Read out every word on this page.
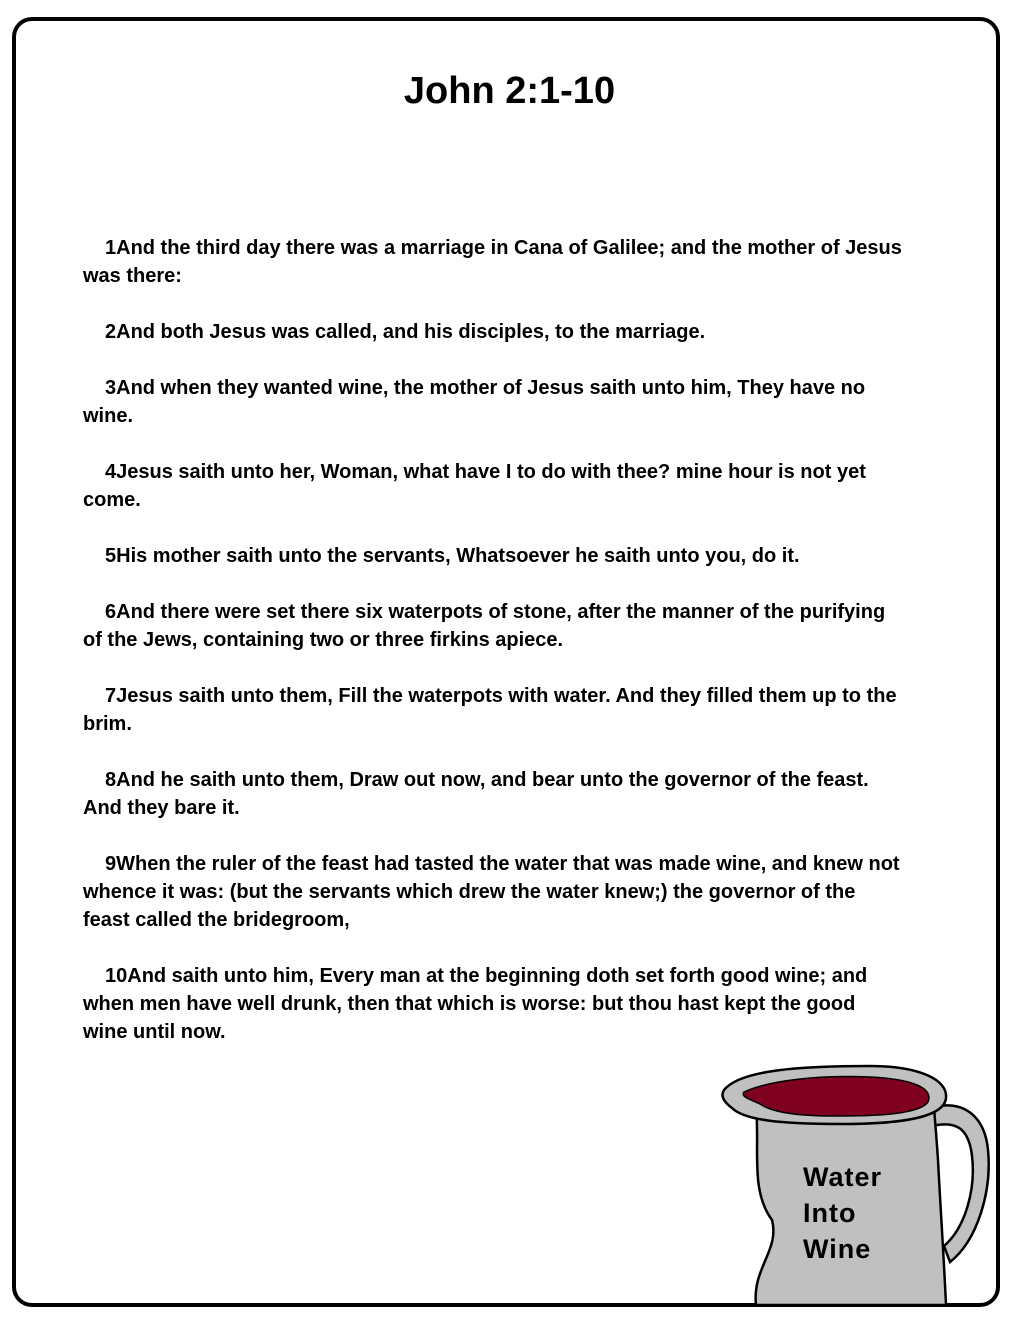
John 2:1-10

1And the third day there was a marriage in Cana of Galilee; and the mother of Jesus was there:

2And both Jesus was called, and his disciples, to the marriage.

3And when they wanted wine, the mother of Jesus saith unto him, They have no wine.

4Jesus saith unto her, Woman, what have I to do with thee? mine hour is not yet come.

5His mother saith unto the servants, Whatsoever he saith unto you, do it.

6And there were set there six waterpots of stone, after the manner of the purifying of the Jews, containing two or three firkins apiece.

7Jesus saith unto them, Fill the waterpots with water. And they filled them up to the brim.

8And he saith unto them, Draw out now, and bear unto the governor of the feast. And they bare it.

9When the ruler of the feast had tasted the water that was made wine, and knew not whence it was: (but the servants which drew the water knew;) the governor of the feast called the bridegroom,

10And saith unto him, Every man at the beginning doth set forth good wine; and when men have well drunk, then that which is worse: but thou hast kept the good wine until now.

Water
Into
Wine
